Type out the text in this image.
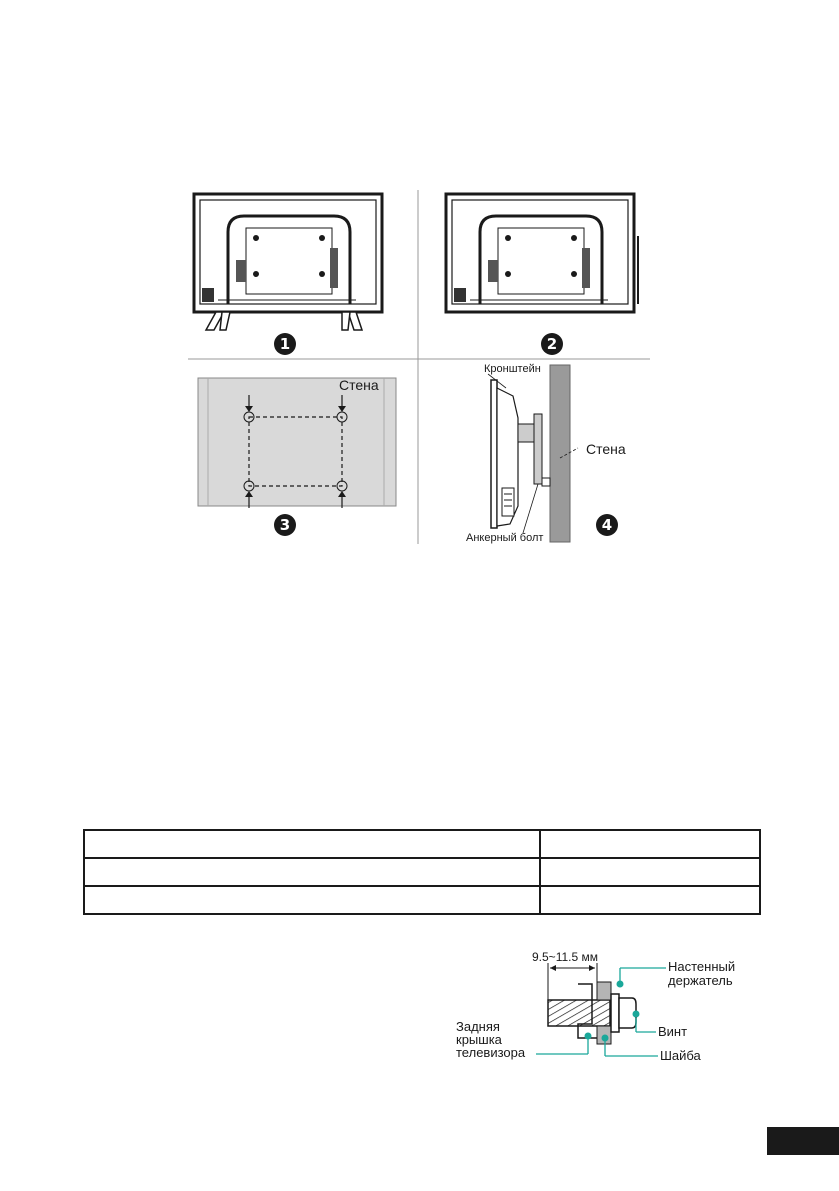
1	2
3	4
Стена
Кронштейн
Стена
Анкерный болт

9.5~11.5 мм
Настенный
держатель
Винт
Шайба
Задняя
крышка
телевизора
